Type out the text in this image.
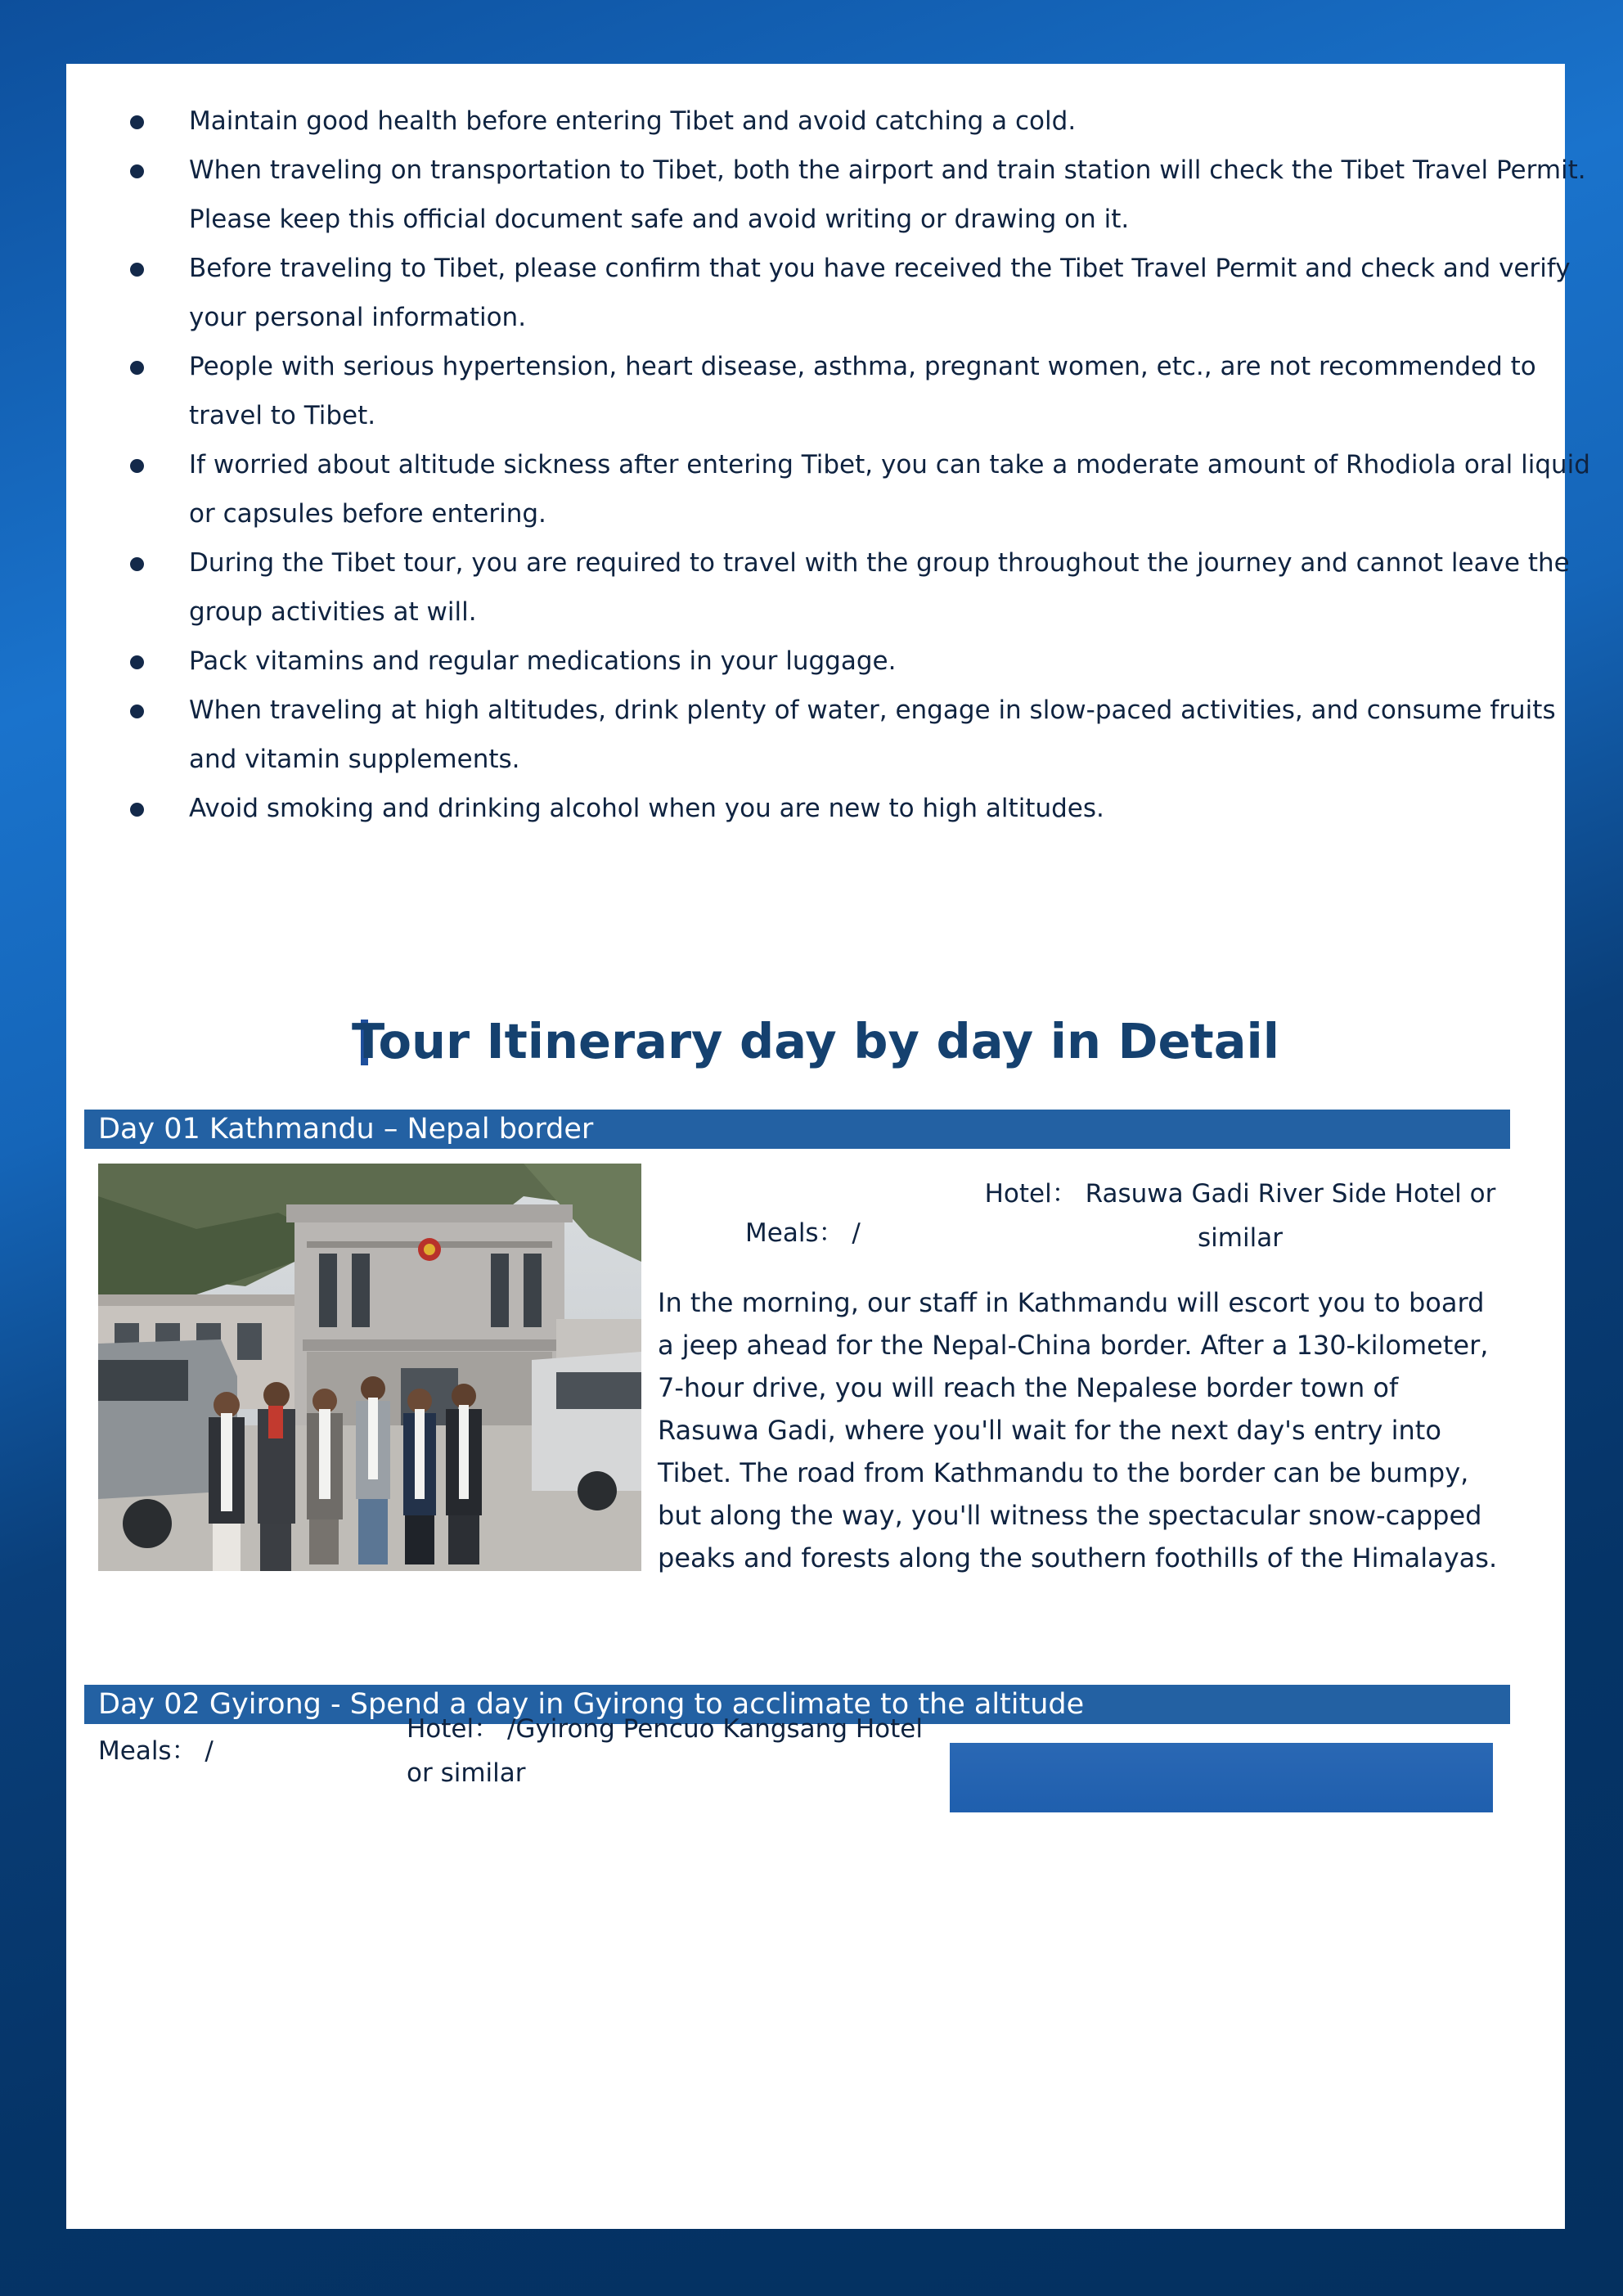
Maintain good health before entering Tibet and avoid catching a cold.
When traveling on transportation to Tibet, both the airport and train station will check the Tibet Travel Permit. Please keep this official document safe and avoid writing or drawing on it.
Before traveling to Tibet, please confirm that you have received the Tibet Travel Permit and check and verify your personal information.
People with serious hypertension, heart disease, asthma, pregnant women, etc., are not recommended to travel to Tibet.
If worried about altitude sickness after entering Tibet, you can take a moderate amount of Rhodiola oral liquid or capsules before entering.
During the Tibet tour, you are required to travel with the group throughout the journey and cannot leave the group activities at will.
Pack vitamins and regular medications in your luggage.
When traveling at high altitudes, drink plenty of water, engage in slow-paced activities, and consume fruits and vitamin supplements.
Avoid smoking and drinking alcohol when you are new to high altitudes.
Tour Itinerary day by day in Detail
Day 01 Kathmandu – Nepal border
Meals： /
Hotel： Rasuwa Gadi River Side Hotel or similar

In the morning, our staff in Kathmandu will escort you to board a jeep ahead for the Nepal-China border. After a 130-kilometer, 7-hour drive, you will reach the Nepalese border town of Rasuwa Gadi, where you'll wait for the next day's entry into Tibet. The road from Kathmandu to the border can be bumpy, but along the way, you'll witness the spectacular snow-capped peaks and forests along the southern foothills of the Himalayas.

Day 02 Gyirong - Spend a day in Gyirong to acclimate to the altitude
Meals： /
Hotel： /Gyirong Pencuo Kangsang Hotel or similar
